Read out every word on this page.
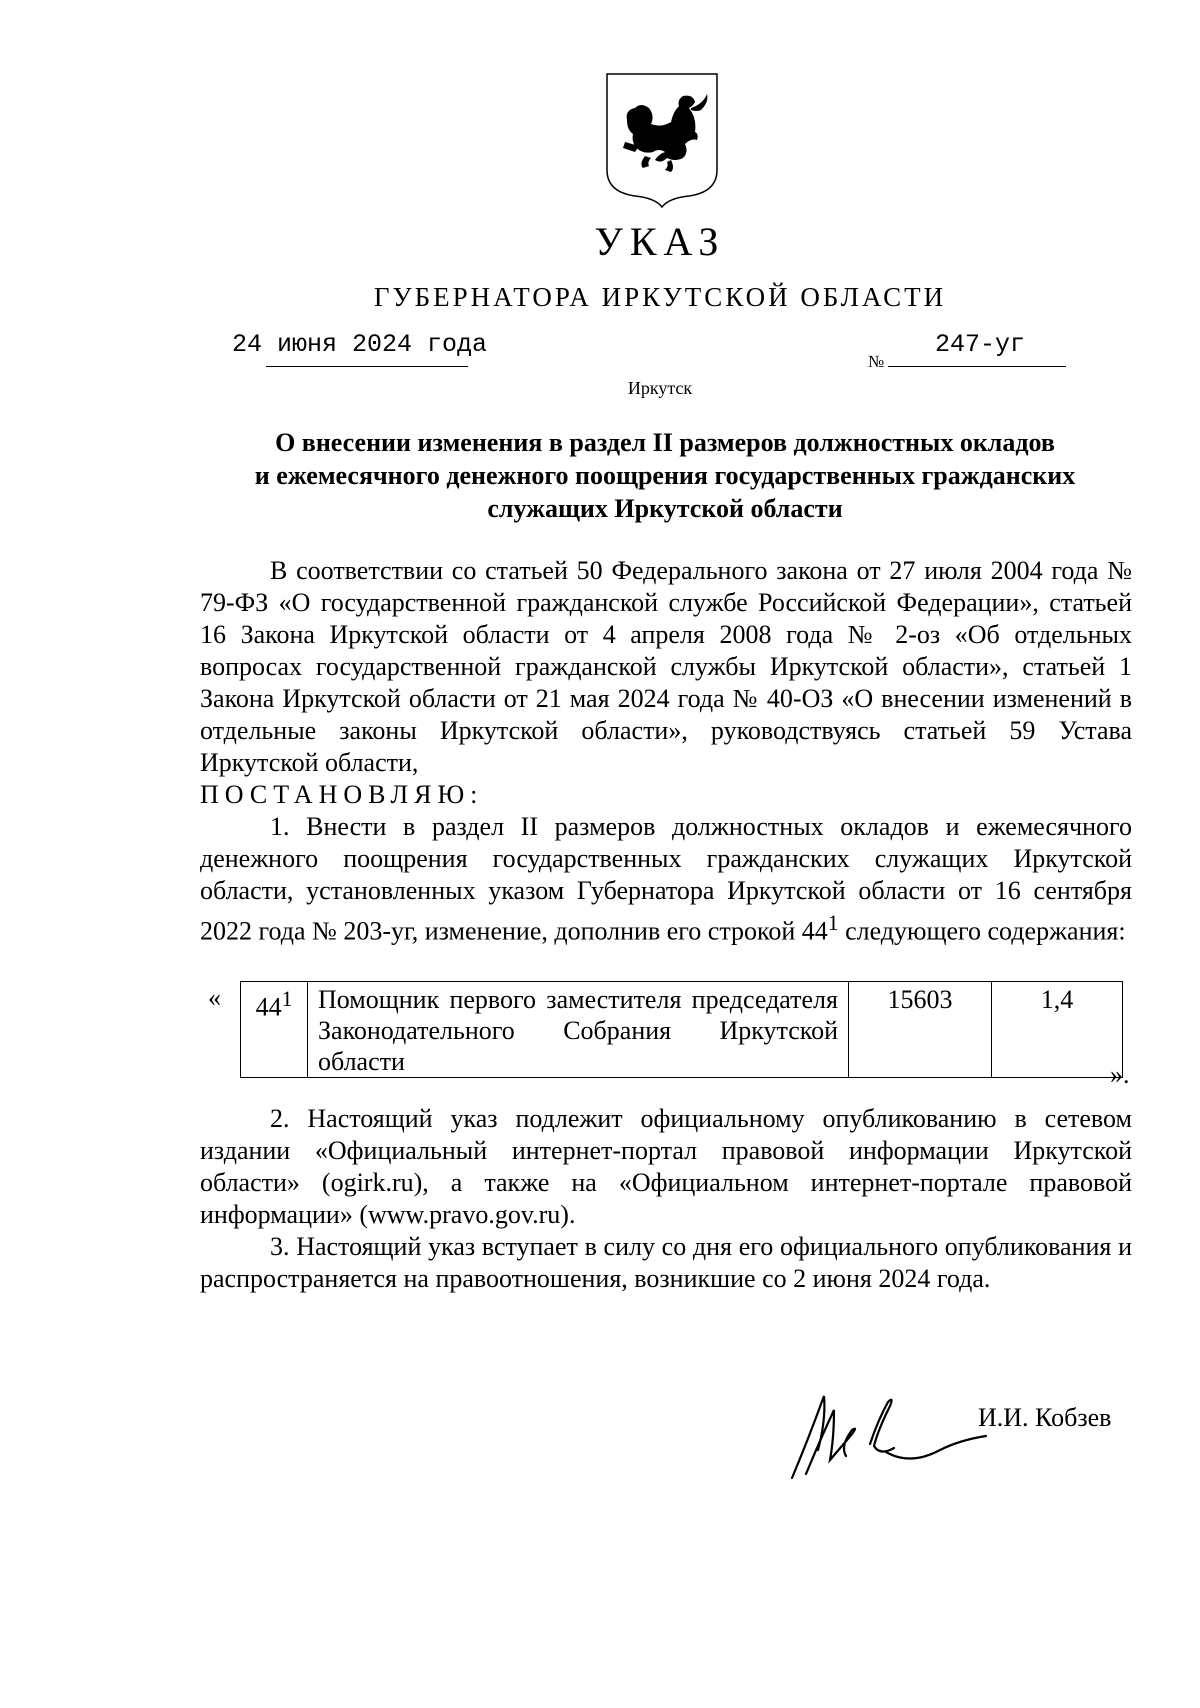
УКАЗ
ГУБЕРНАТОРА ИРКУТСКОЙ ОБЛАСТИ
24 июня 2024 года
№
247-уг
Иркутск
О внесении изменения в раздел II размеров должностных окладов
и ежемесячного денежного поощрения государственных гражданских
служащих Иркутской области

В соответствии со статьей 50 Федерального закона от 27 июля 2004 года № 79-ФЗ «О государственной гражданской службе Российской Федерации», статьей 16 Закона Иркутской области от 4 апреля 2008 года № 2-оз «Об отдельных вопросах государственной гражданской службы Иркутской области», статьей 1 Закона Иркутской области от 21 мая 2024 года № 40-ОЗ «О внесении изменений в отдельные законы Иркутской области», руководствуясь статьей 59 Устава Иркутской области,

ПОСТАНОВЛЯЮ:

1. Внести в раздел II размеров должностных окладов и ежемесячного денежного поощрения государственных гражданских служащих Иркутской области, установленных указом Губернатора Иркутской области от 16 сентября 2022 года № 203-уг, изменение, дополнив его строкой $44^1$ следующего содержания:

« $44^1$	Помощник первого заместителя председателя Законодательного Собрания Иркутской области	15603	1,4
».

2. Настоящий указ подлежит официальному опубликованию в сетевом издании «Официальный интернет-портал правовой информации Иркутской области» (ogirk.ru), а также на «Официальном интернет-портале правовой информации» (www.pravo.gov.ru).

3. Настоящий указ вступает в силу со дня его официального опубликования и распространяется на правоотношения, возникшие со 2 июня 2024 года.

И.И. Кобзев
